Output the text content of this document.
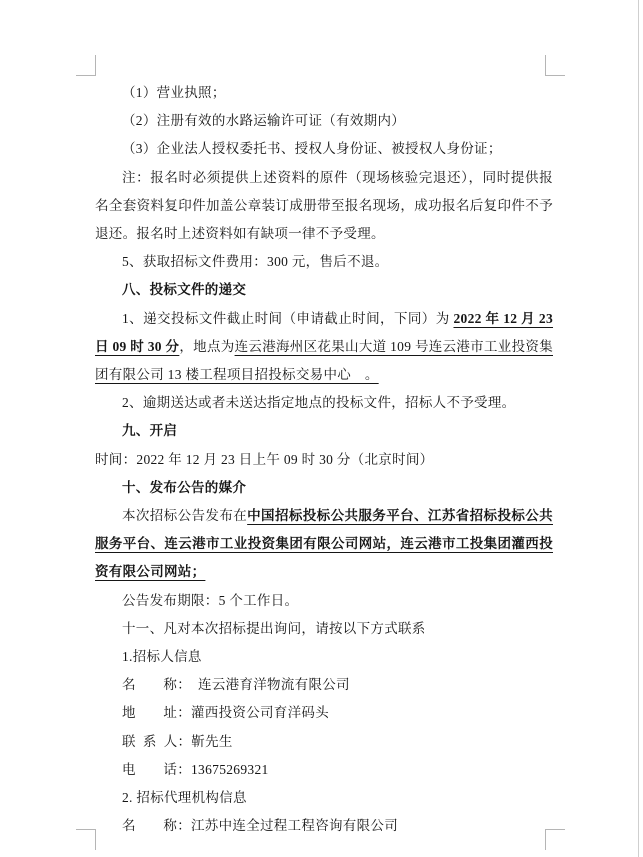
（1）营业执照；

（2）注册有效的水路运输许可证（有效期内）

（3）企业法人授权委托书、授权人身份证、被授权人身份证；

注：报名时必须提供上述资料的原件（现场核验完退还），同时提供报名全套资料复印件加盖公章装订成册带至报名现场，成功报名后复印件不予退还。报名时上述资料如有缺项一律不予受理。

5、获取招标文件费用：300 元，售后不退。

八、投标文件的递交

1、递交投标文件截止时间（申请截止时间，下同）为 2022 年 12 月 23 日 09 时 30 分，地点为连云港海州区花果山大道 109 号连云港市工业投资集团有限公司 13 楼工程项目招投标交易中心 。

2、逾期送达或者未送达指定地点的投标文件，招标人不予受理。

九、开启

时间：2022 年 12 月 23 日上午 09 时 30 分（北京时间）

十、发布公告的媒介

本次招标公告发布在中国招标投标公共服务平台、江苏省招标投标公共服务平台、连云港市工业投资集团有限公司网站，连云港市工投集团灌西投资有限公司网站；

公告发布期限：5 个工作日。

十一、凡对本次招标提出询问，请按以下方式联系

1.招标人信息

名  称： 连云港育洋物流有限公司

地  址：灌西投资公司育洋码头

联 系 人：靳先生

电  话：13675269321

2. 招标代理机构信息

名  称：江苏中连全过程工程咨询有限公司
